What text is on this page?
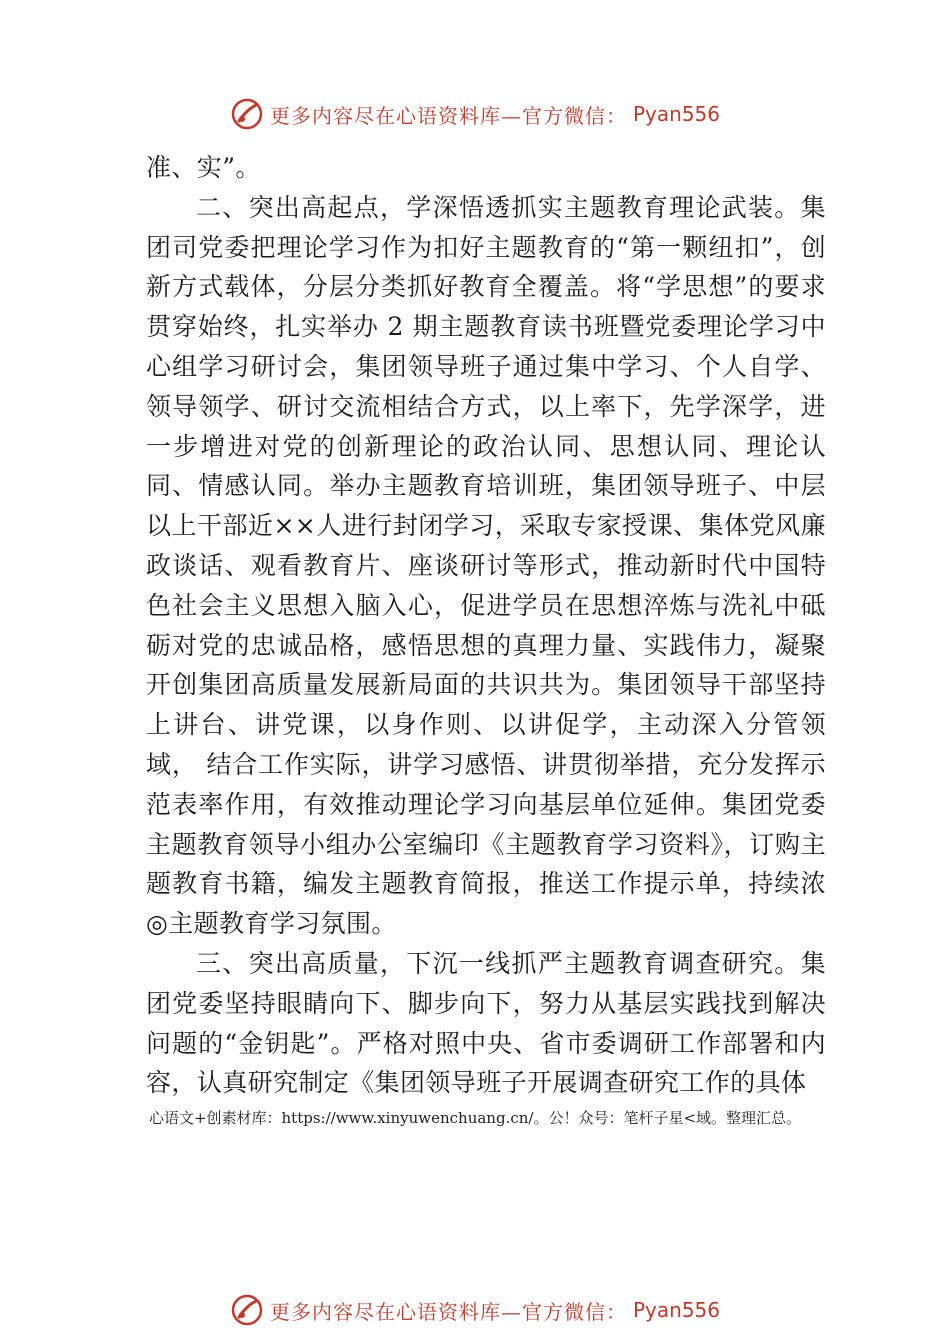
更多内容尽在心语资料库—官方微信： Pyan556

准、实”。

二、突出高起点，学深悟透抓实主题教育理论武装。集团司党委把理论学习作为扣好主题教育的“第一颗纽扣”，创新方式载体，分层分类抓好教育全覆盖。将“学思想”的要求贯穿始终，扎实举办 2 期主题教育读书班暨党委理论学习中心组学习研讨会，集团领导班子通过集中学习、个人自学、领导领学、研讨交流相结合方式，以上率下，先学深学，进一步增进对党的创新理论的政治认同、思想认同、理论认同、情感认同。举办主题教育培训班，集团领导班子、中层以上干部近××人进行封闭学习，采取专家授课、集体党风廉政谈话、观看教育片、座谈研讨等形式，推动新时代中国特色社会主义思想入脑入心，促进学员在思想淬炼与洗礼中砥砺对党的忠诚品格，感悟思想的真理力量、实践伟力，凝聚开创集团高质量发展新局面的共识共为。集团领导干部坚持上讲台、讲党课，以身作则、以讲促学，主动深入分管领域， 结合工作实际，讲学习感悟、讲贯彻举措，充分发挥示范表率作用，有效推动理论学习向基层单位延伸。集团党委主题教育领导小组办公室编印《主题教育学习资料》，订购主题教育书籍，编发主题教育简报，推送工作提示单，持续浓◎主题教育学习氛围。

三、突出高质量，下沉一线抓严主题教育调查研究。集团党委坚持眼睛向下、脚步向下，努力从基层实践找到解决问题的“金钥匙”。严格对照中央、省市委调研工作部署和内容，认真研究制定《集团领导班子开展调查研究工作的具体

心语文+创素材库：https://www.xinyuwenchuang.cn/。公！众号：笔杆子星<域。整理汇总。
更多内容尽在心语资料库—官方微信： Pyan556
